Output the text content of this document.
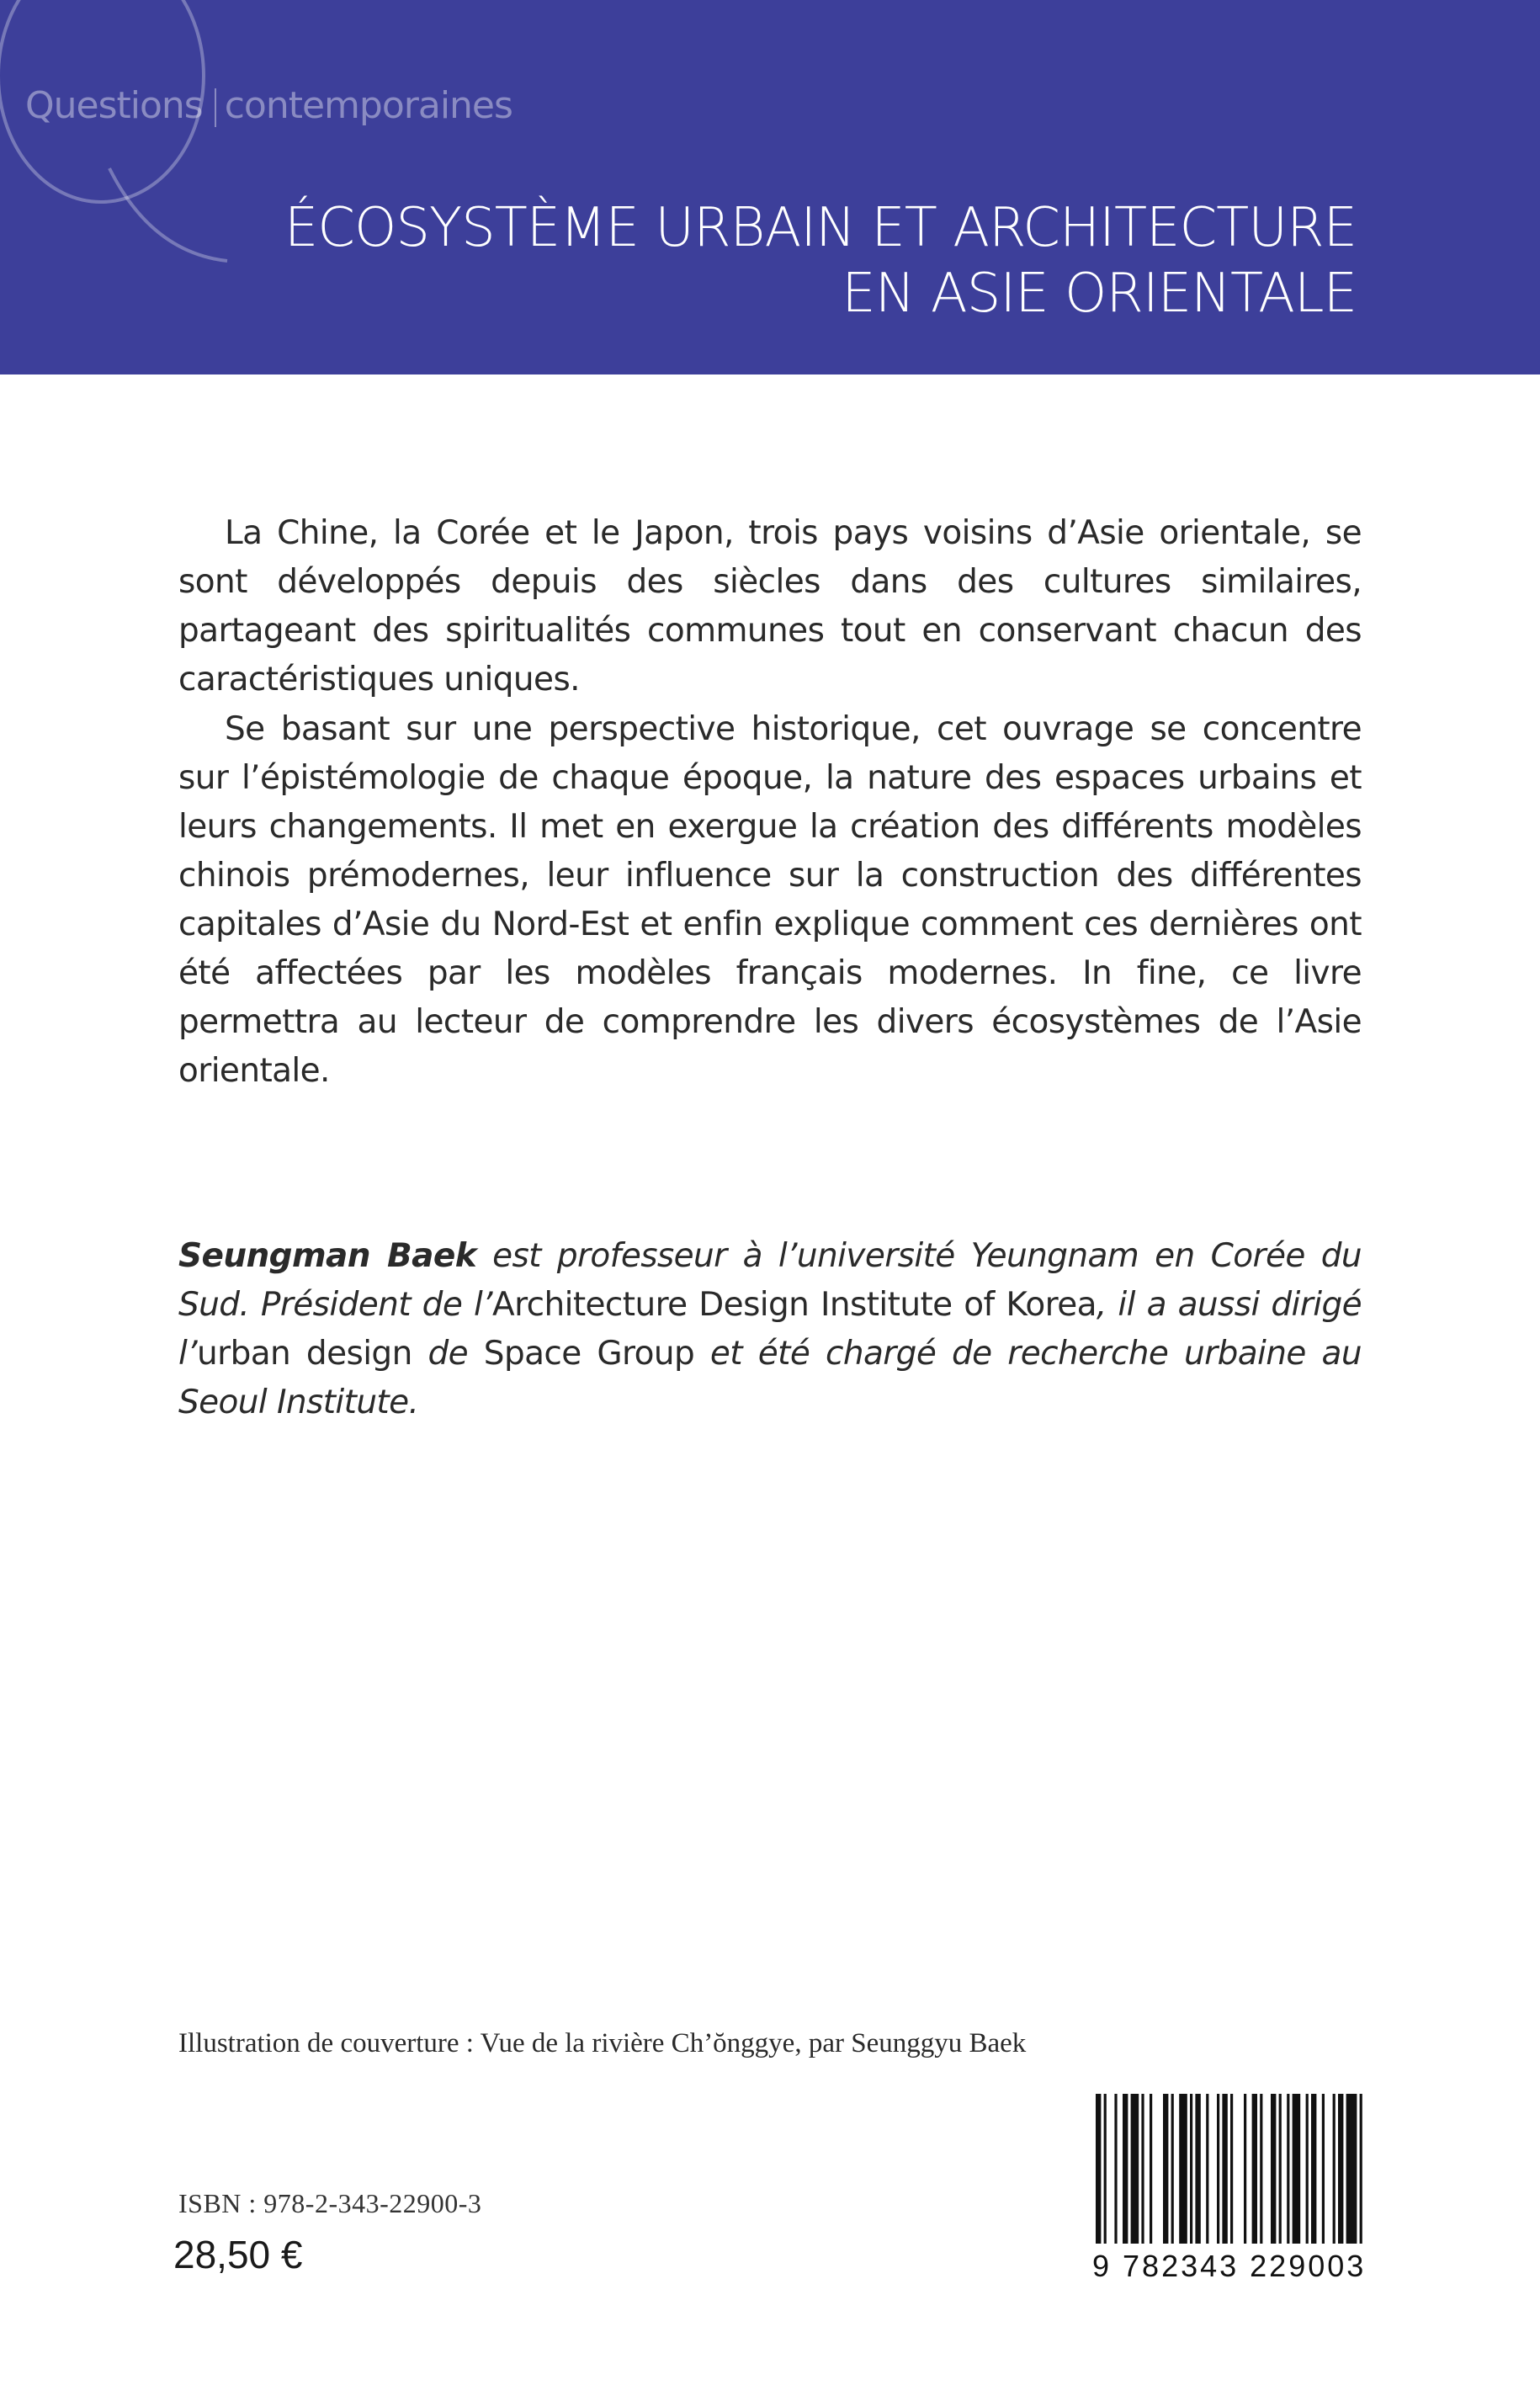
Questions contemporaines
ÉCOSYSTÈME URBAIN ET ARCHITECTURE
EN ASIE ORIENTALE
La Chine, la Corée et le Japon, trois pays voisins d’Asie orientale, se sont développés depuis des siècles dans des cultures similaires, partageant des spiritualités communes tout en conservant chacun des caractéristiques uniques.
Se basant sur une perspective historique, cet ouvrage se concentre sur l’épistémologie de chaque époque, la nature des espaces urbains et leurs changements. Il met en exergue la création des différents modèles chinois prémodernes, leur influence sur la construction des différentes capitales d’Asie du Nord-Est et enfin explique comment ces dernières ont été affectées par les modèles français modernes. In fine, ce livre permettra au lecteur de comprendre les divers écosystèmes de l’Asie orientale.
Seungman Baek est professeur à l’université Yeungnam en Corée du Sud. Président de l’Architecture Design Institute of Korea, il a aussi dirigé l’urban design de Space Group et été chargé de recherche urbaine au Seoul Institute.
Illustration de couverture : Vue de la rivière Ch’ŏnggye, par Seunggyu Baek
ISBN : 978-2-343-22900-3
28,50 €	9 782343 229003
